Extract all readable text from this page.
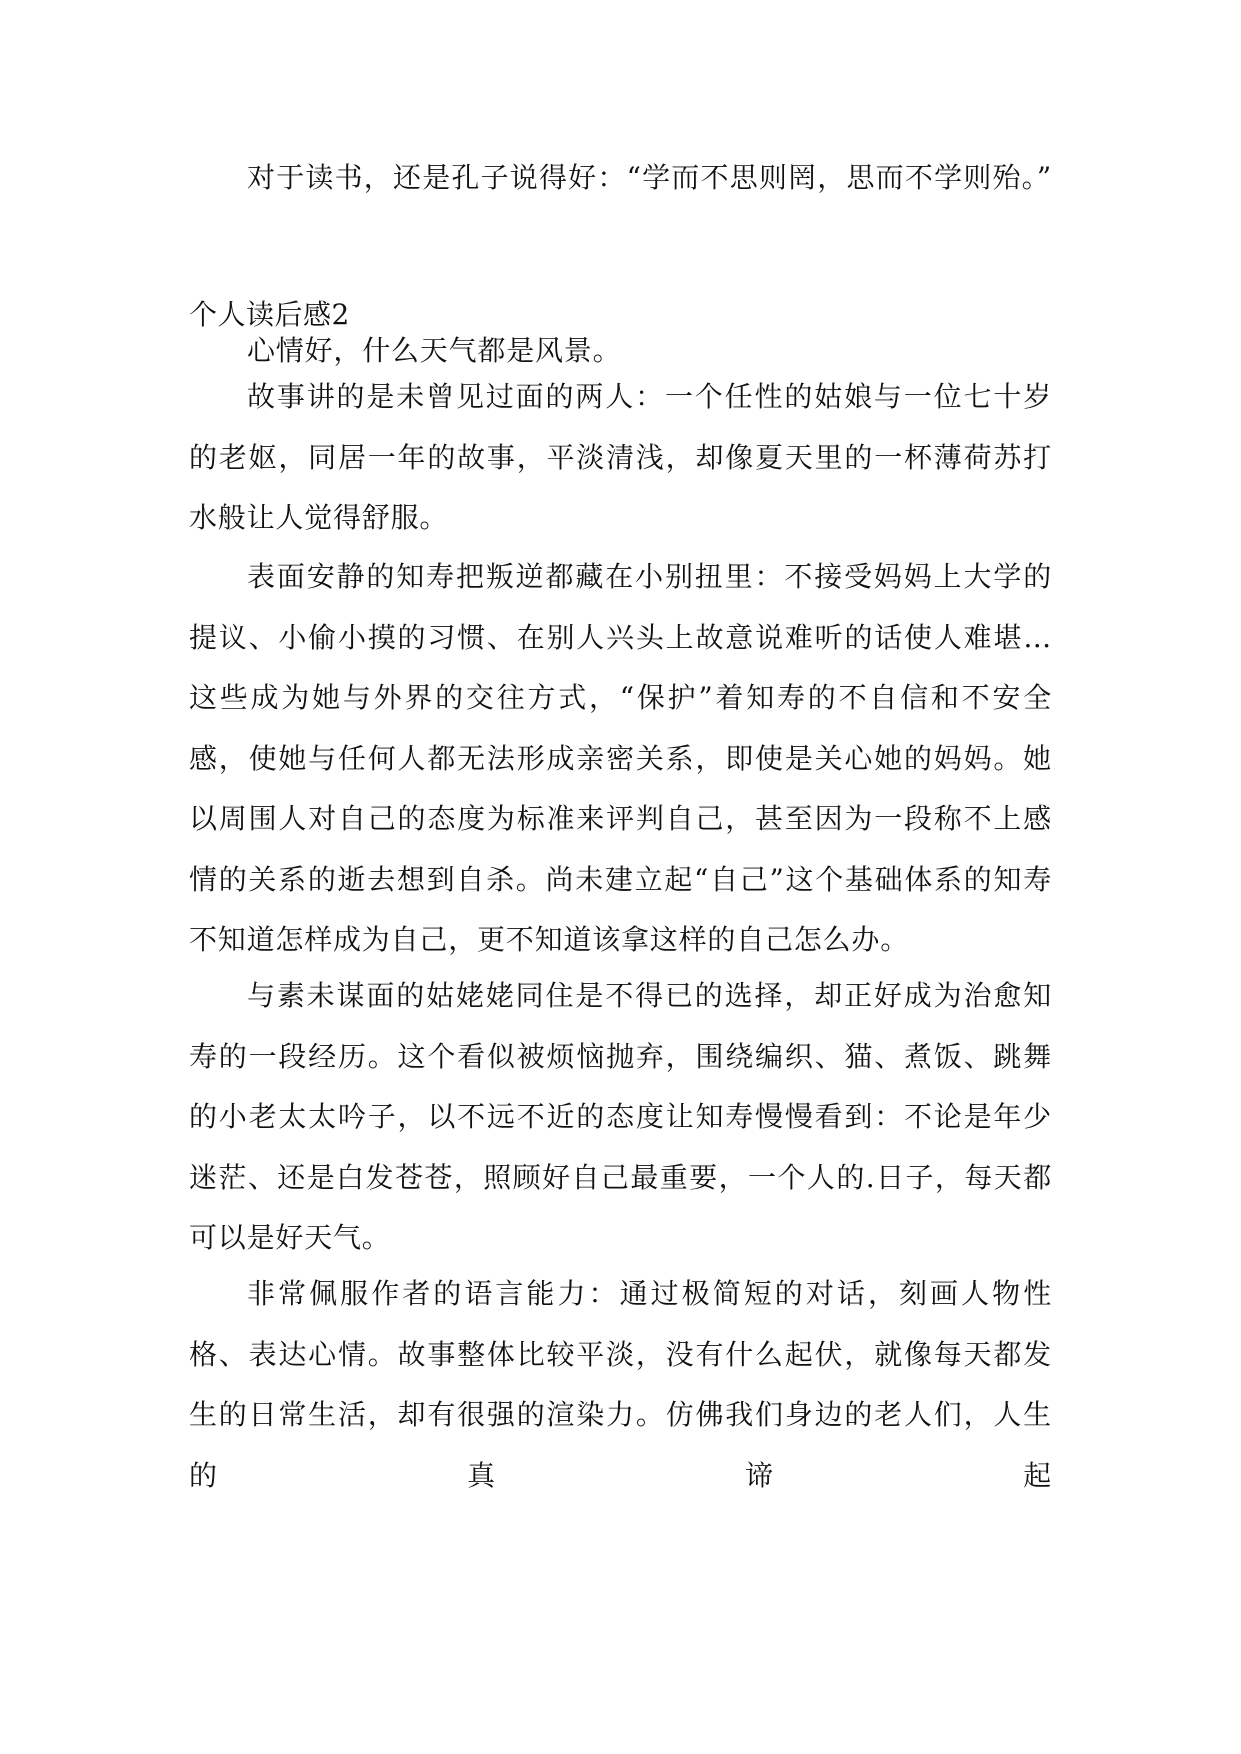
对于读书，还是孔子说得好：“学而不思则罔，思而不学则殆。”

个人读后感2

心情好，什么天气都是风景。

故事讲的是未曾见过面的两人：一个任性的姑娘与一位七十岁的老妪，同居一年的故事，平淡清浅，却像夏天里的一杯薄荷苏打水般让人觉得舒服。

表面安静的知寿把叛逆都藏在小别扭里：不接受妈妈上大学的提议、小偷小摸的习惯、在别人兴头上故意说难听的话使人难堪…这些成为她与外界的交往方式，“保护”着知寿的不自信和不安全感，使她与任何人都无法形成亲密关系，即使是关心她的妈妈。她以周围人对自己的态度为标准来评判自己，甚至因为一段称不上感情的关系的逝去想到自杀。尚未建立起“自己”这个基础体系的知寿不知道怎样成为自己，更不知道该拿这样的自己怎么办。

与素未谋面的姑姥姥同住是不得已的选择，却正好成为治愈知寿的一段经历。这个看似被烦恼抛弃，围绕编织、猫、煮饭、跳舞的小老太太吟子，以不远不近的态度让知寿慢慢看到：不论是年少迷茫、还是白发苍苍，照顾好自己最重要，一个人的.日子，每天都可以是好天气。

非常佩服作者的语言能力：通过极简短的对话，刻画人物性格、表达心情。故事整体比较平淡，没有什么起伏，就像每天都发生的日常生活，却有很强的渲染力。仿佛我们身边的老人们，人生的真谛起
